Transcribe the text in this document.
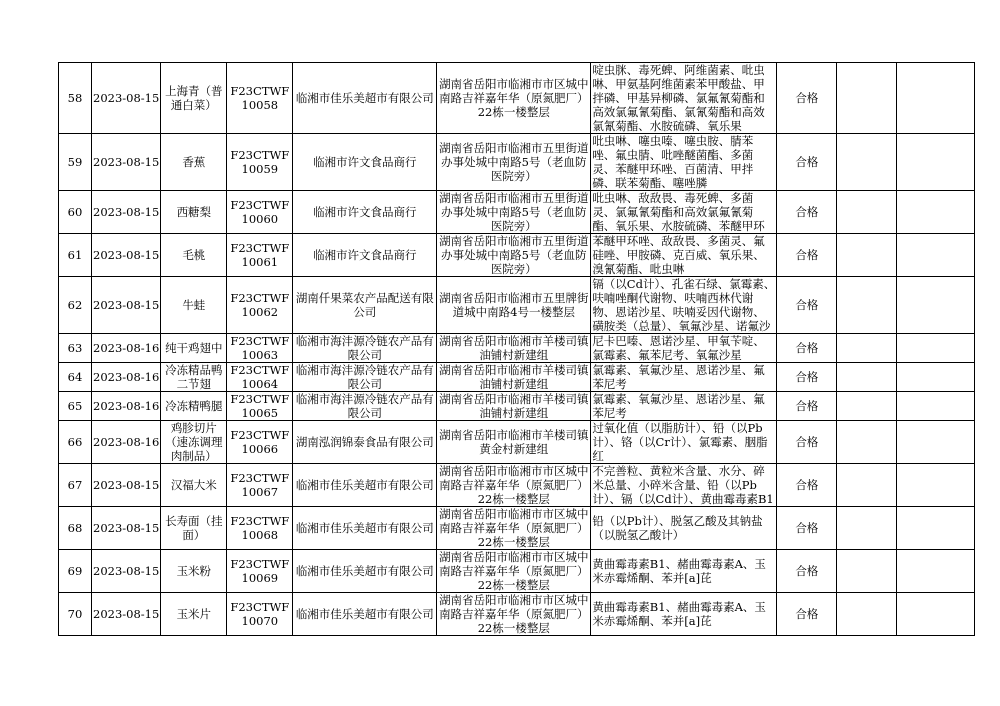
58	2023-08-15	上海青（普通白菜）	F23CTWF10058	临湘市佳乐美超市有限公司	湖南省岳阳市临湘市市区城中南路吉祥嘉年华（原氮肥厂）22栋一楼整层	啶虫脒、毒死蜱、阿维菌素、吡虫啉、甲氨基阿维菌素苯甲酸盐、甲拌磷、甲基异柳磷、氯氟氰菊酯和高效氯氟氰菊酯、氯氰菊酯和高效氯氰菊酯、水胺硫磷、氧乐果	合格		
59	2023-08-15	香蕉	F23CTWF10059	临湘市许文食品商行	湖南省岳阳市临湘市五里街道办事处城中南路5号（老血防医院旁）	吡虫啉、噻虫嗪、噻虫胺、腈苯唑、氟虫腈、吡唑醚菌酯、多菌灵、苯醚甲环唑、百菌清、甲拌磷、联苯菊酯、噻唑膦	合格		
60	2023-08-15	西糖梨	F23CTWF10060	临湘市许文食品商行	湖南省岳阳市临湘市五里街道办事处城中南路5号（老血防医院旁）	吡虫啉、敌敌畏、毒死蜱、多菌灵、氯氟氰菊酯和高效氯氟氰菊酯、氧乐果、水胺硫磷、苯醚甲环	合格		
61	2023-08-15	毛桃	F23CTWF10061	临湘市许文食品商行	湖南省岳阳市临湘市五里街道办事处城中南路5号（老血防医院旁）	苯醚甲环唑、敌敌畏、多菌灵、氟硅唑、甲胺磷、克百威、氧乐果、溴氰菊酯、吡虫啉	合格		
62	2023-08-15	牛蛙	F23CTWF10062	湖南仟果菜农产品配送有限公司	湖南省岳阳市临湘市五里牌街道城中南路4号一楼整层	镉（以Cd计）、孔雀石绿、氯霉素、呋喃唑酮代谢物、呋喃西林代谢物、恩诺沙星、呋喃妥因代谢物、磺胺类（总量）、氧氟沙星、诺氟沙	合格		
63	2023-08-16	纯干鸡翅中	F23CTWF10063	临湘市海沣源冷链农产品有限公司	湖南省岳阳市临湘市羊楼司镇油铺村新建组	尼卡巴嗪、恩诺沙星、甲氧苄啶、氯霉素、氟苯尼考、氧氟沙星	合格		
64	2023-08-16	冷冻精品鸭二节翅	F23CTWF10064	临湘市海沣源冷链农产品有限公司	湖南省岳阳市临湘市羊楼司镇油铺村新建组	氯霉素、氧氟沙星、恩诺沙星、氟苯尼考	合格		
65	2023-08-16	冷冻精鸭腿	F23CTWF10065	临湘市海沣源冷链农产品有限公司	湖南省岳阳市临湘市羊楼司镇油铺村新建组	氯霉素、氧氟沙星、恩诺沙星、氟苯尼考	合格		
66	2023-08-16	鸡胗切片（速冻调理肉制品）	F23CTWF10066	湖南泓润锦泰食品有限公司	湖南省岳阳市临湘市羊楼司镇黄金村新建组	过氧化值（以脂肪计）、铅（以Pb计）、铬（以Cr计）、氯霉素、胭脂红	合格		
67	2023-08-15	汉福大米	F23CTWF10067	临湘市佳乐美超市有限公司	湖南省岳阳市临湘市市区城中南路吉祥嘉年华（原氮肥厂）22栋一楼整层	不完善粒、黄粒米含量、水分、碎米总量、小碎米含量、铅（以Pb计）、镉（以Cd计）、黄曲霉毒素B1	合格		
68	2023-08-15	长寿面（挂面）	F23CTWF10068	临湘市佳乐美超市有限公司	湖南省岳阳市临湘市市区城中南路吉祥嘉年华（原氮肥厂）22栋一楼整层	铅（以Pb计）、脱氢乙酸及其钠盐（以脱氢乙酸计）	合格		
69	2023-08-15	玉米粉	F23CTWF10069	临湘市佳乐美超市有限公司	湖南省岳阳市临湘市市区城中南路吉祥嘉年华（原氮肥厂）22栋一楼整层	黄曲霉毒素B1、赭曲霉毒素A、玉米赤霉烯酮、苯并[a]芘	合格		
70	2023-08-15	玉米片	F23CTWF10070	临湘市佳乐美超市有限公司	湖南省岳阳市临湘市市区城中南路吉祥嘉年华（原氮肥厂）22栋一楼整层	黄曲霉毒素B1、赭曲霉毒素A、玉米赤霉烯酮、苯并[a]芘	合格		
